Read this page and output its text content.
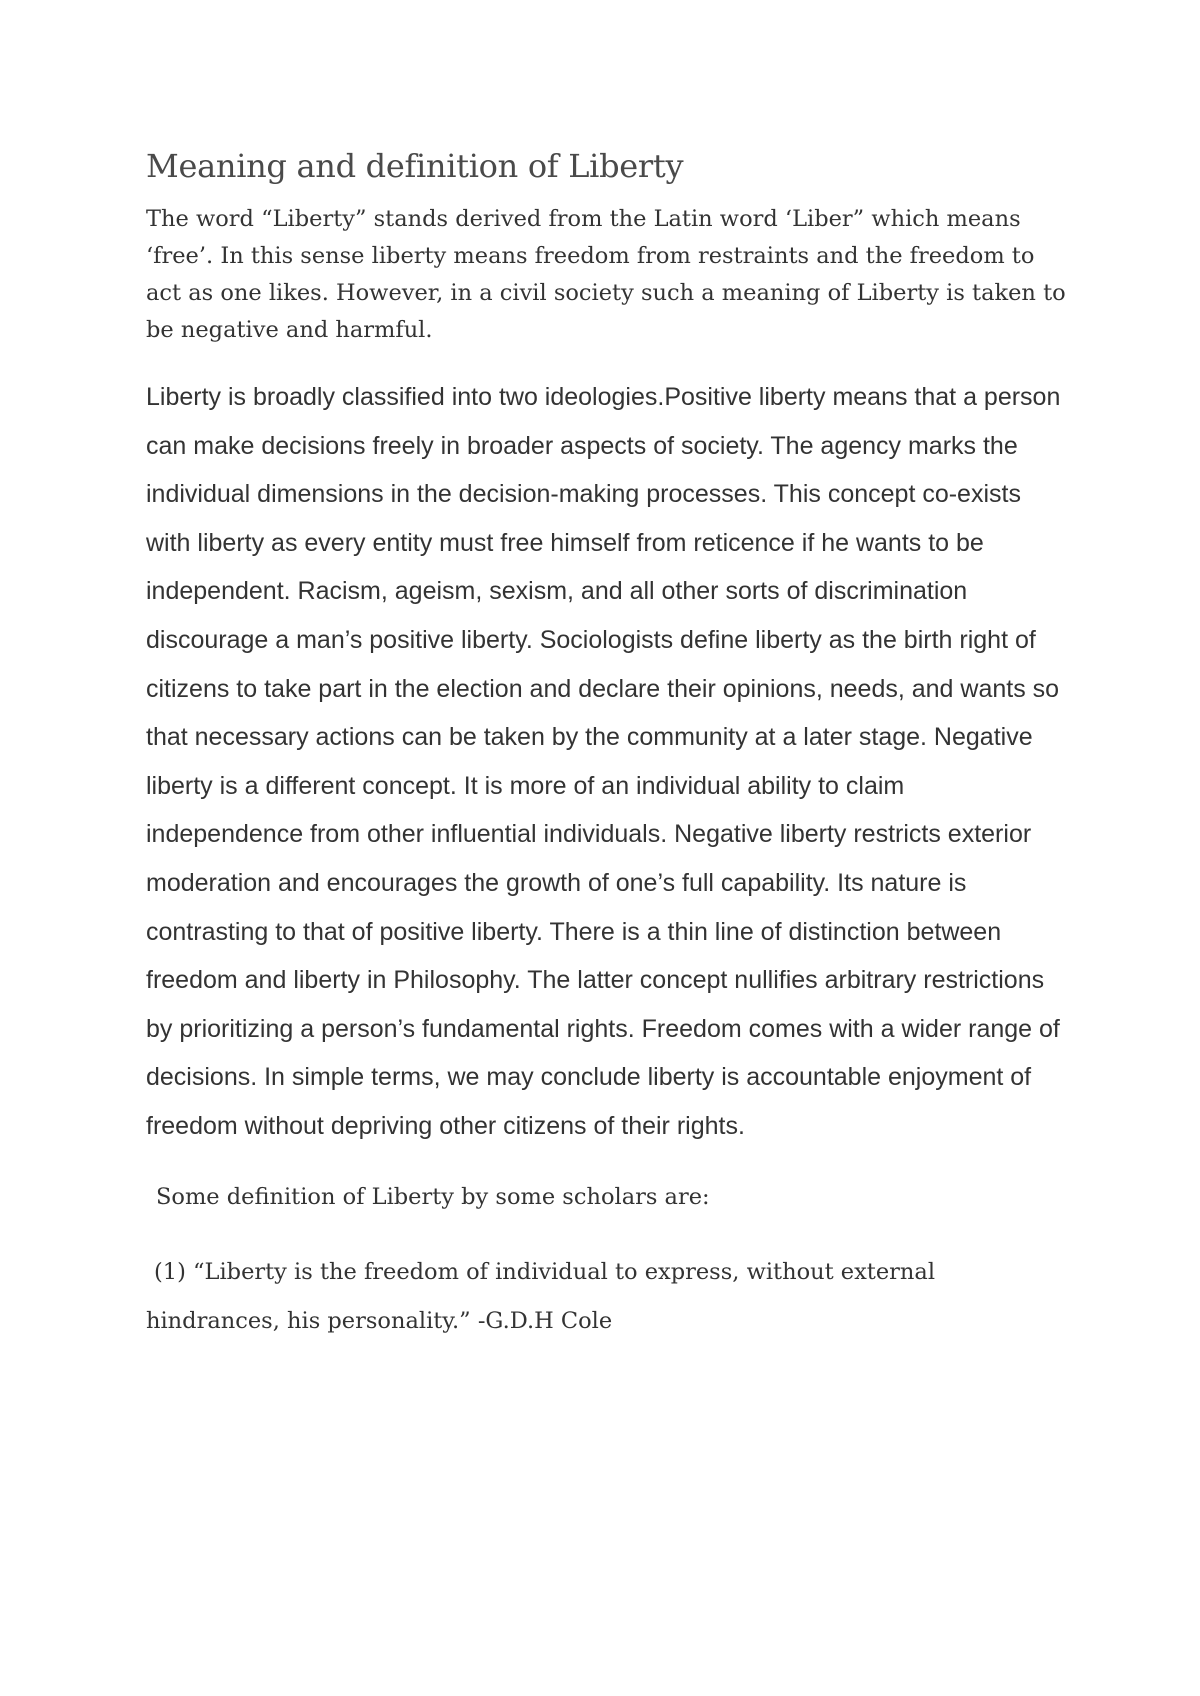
Meaning and definition of Liberty

The word “Liberty” stands derived from the Latin word ‘Liber” which means ‘free’. In this sense liberty means freedom from restraints and the freedom to act as one likes. However, in a civil society such a meaning of Liberty is taken to be negative and harmful.

Liberty is broadly classified into two ideologies.Positive liberty means that a person can make decisions freely in broader aspects of society. The agency marks the individual dimensions in the decision-making processes. This concept co-exists with liberty as every entity must free himself from reticence if he wants to be independent. Racism, ageism, sexism, and all other sorts of discrimination discourage a man’s positive liberty. Sociologists define liberty as the birth right of citizens to take part in the election and declare their opinions, needs, and wants so that necessary actions can be taken by the community at a later stage. Negative liberty is a different concept. It is more of an individual ability to claim independence from other influential individuals. Negative liberty restricts exterior moderation and encourages the growth of one’s full capability. Its nature is contrasting to that of positive liberty. There is a thin line of distinction between freedom and liberty in Philosophy. The latter concept nullifies arbitrary restrictions by prioritizing a person’s fundamental rights. Freedom comes with a wider range of decisions. In simple terms, we may conclude liberty is accountable enjoyment of freedom without depriving other citizens of their rights.

Some definition of Liberty by some scholars are:

(1) “Liberty is the freedom of individual to express, without external hindrances, his personality.” -G.D.H Cole
